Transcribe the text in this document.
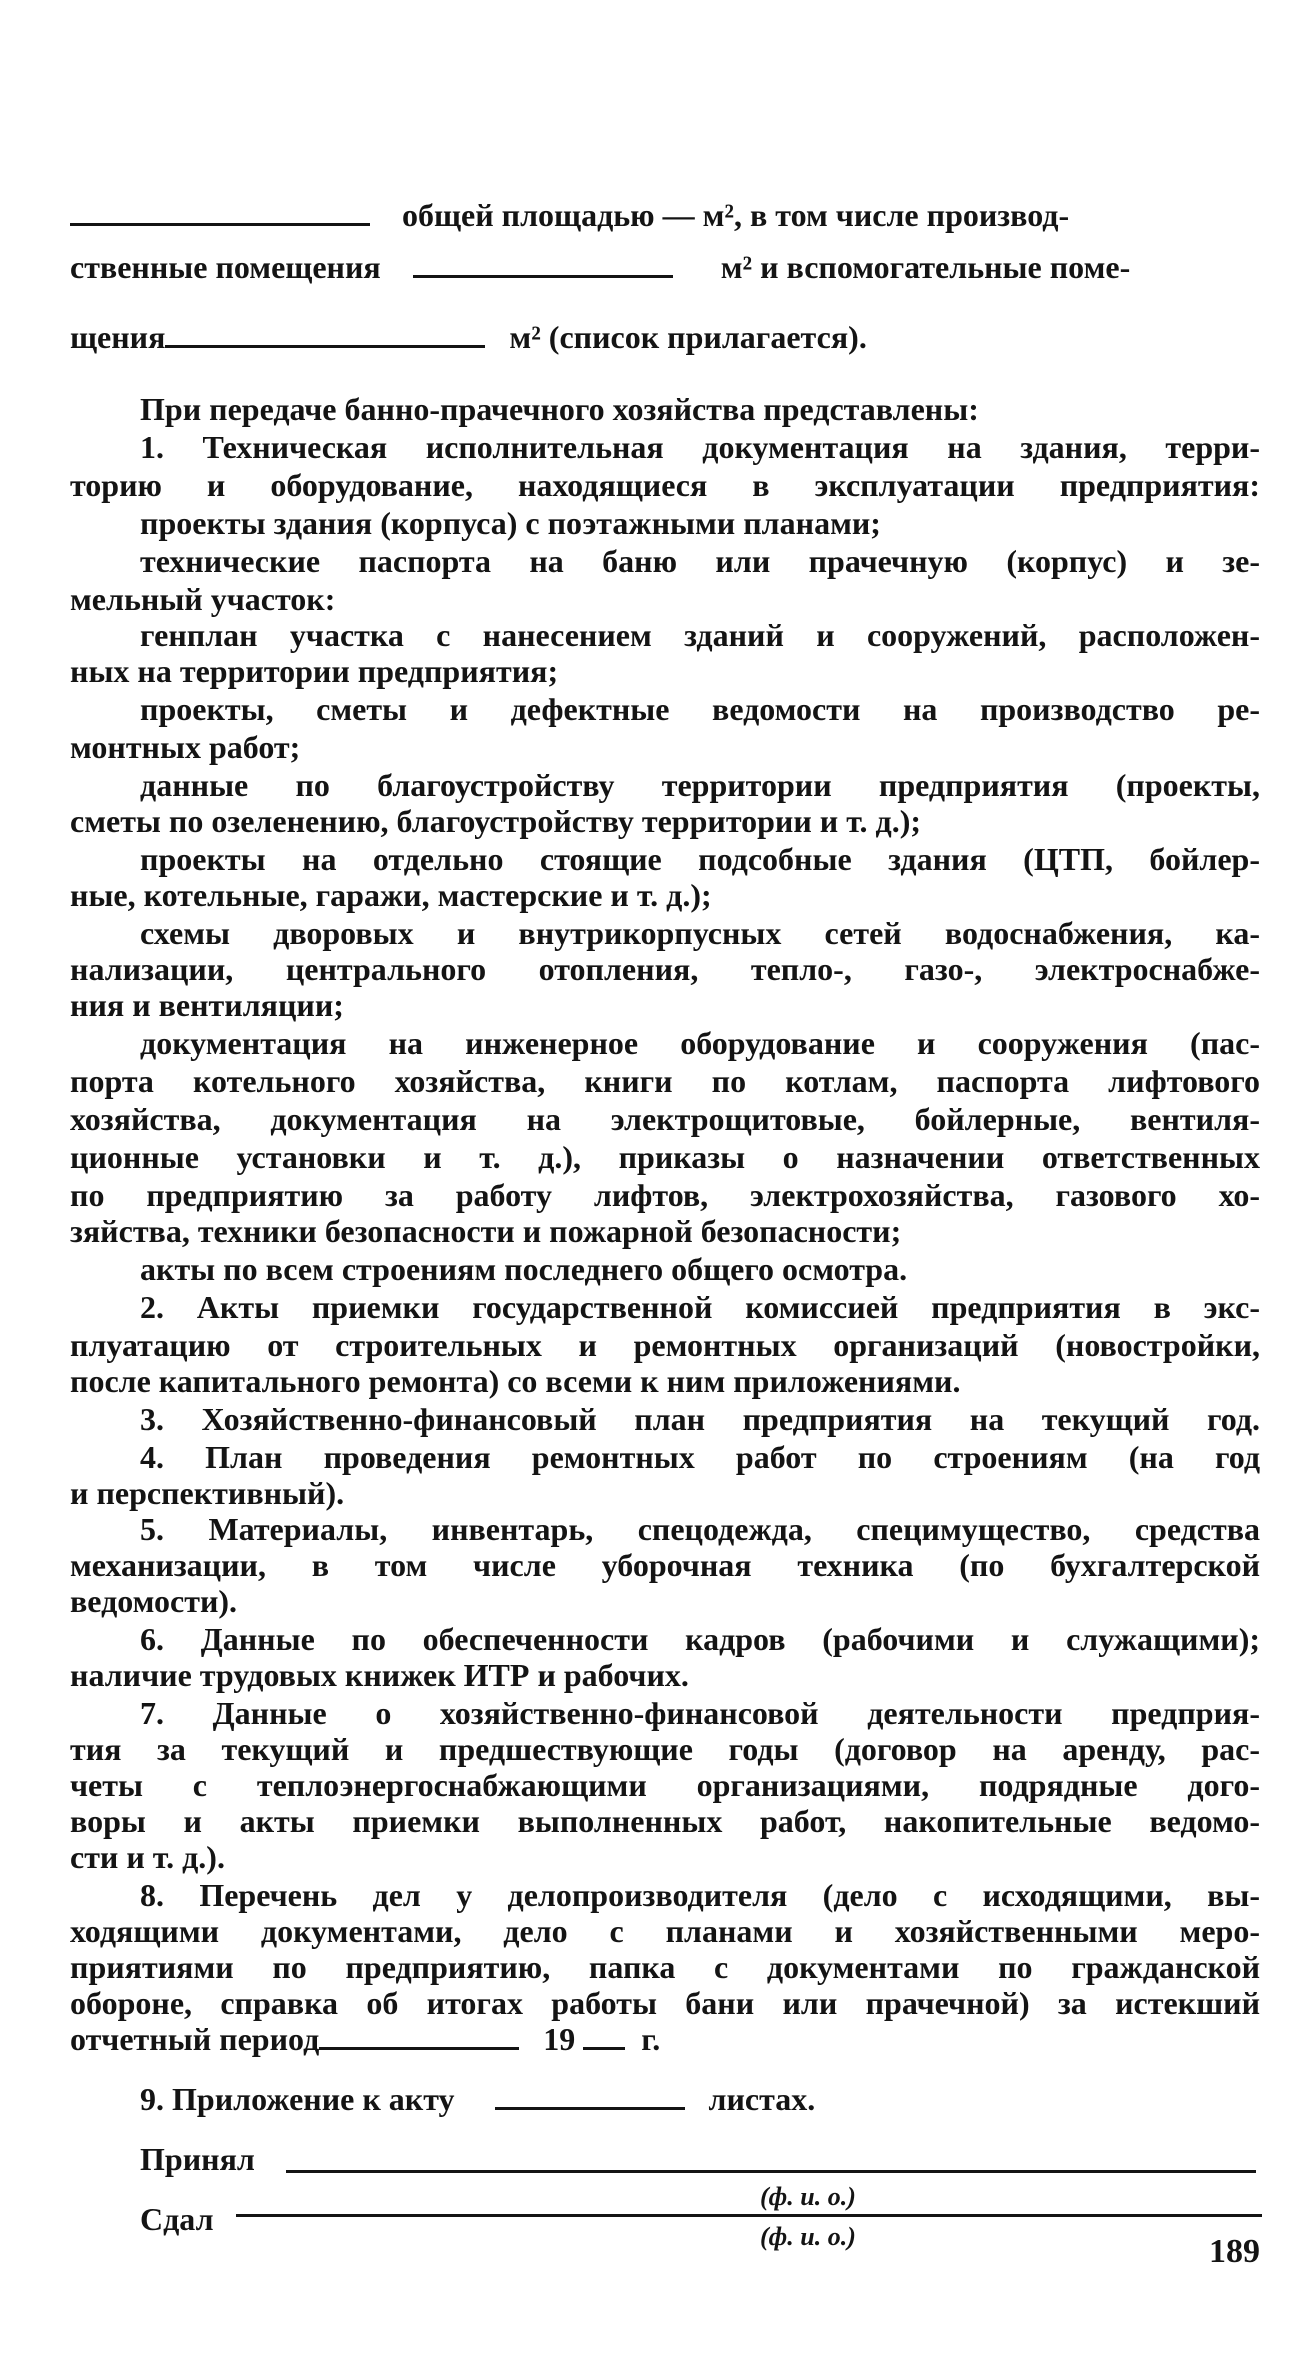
общей площадью — м², в том числе производ-
ственные помещения	м² и вспомогательные поме-
щения	м² (список прилагается).
При передаче банно-прачечного хозяйства представлены:
1. Техническая исполнительная документация на здания, терри-
торию и оборудование, находящиеся в эксплуатации предприятия:
проекты здания (корпуса) с поэтажными планами;
технические паспорта на баню или прачечную (корпус) и зе-
мельный участок:
генплан участка с нанесением зданий и сооружений, расположен-
ных на территории предприятия;
проекты, сметы и дефектные ведомости на производство ре-
монтных работ;
данные по благоустройству территории предприятия (проекты,
сметы по озеленению, благоустройству территории и т. д.);
проекты на отдельно стоящие подсобные здания (ЦТП, бойлер-
ные, котельные, гаражи, мастерские и т. д.);
схемы дворовых и внутрикорпусных сетей водоснабжения, ка-
нализации, центрального отопления, тепло-, газо-, электроснабже-
ния и вентиляции;
документация на инженерное оборудование и сооружения (пас-
порта котельного хозяйства, книги по котлам, паспорта лифтового
хозяйства, документация на электрощитовые, бойлерные, вентиля-
ционные установки и т. д.), приказы о назначении ответственных
по предприятию за работу лифтов, электрохозяйства, газового хо-
зяйства, техники безопасности и пожарной безопасности;
акты по всем строениям последнего общего осмотра.
2. Акты приемки государственной комиссией предприятия в экс-
плуатацию от строительных и ремонтных организаций (новостройки,
после капитального ремонта) со всеми к ним приложениями.
3. Хозяйственно-финансовый план предприятия на текущий год.
4. План проведения ремонтных работ по строениям (на год
и перспективный).
5. Материалы, инвентарь, спецодежда, специмущество, средства
механизации, в том числе уборочная техника (по бухгалтерской
ведомости).
6. Данные по обеспеченности кадров (рабочими и служащими);
наличие трудовых книжек ИТР и рабочих.
7. Данные о хозяйственно-финансовой деятельности предприя-
тия за текущий и предшествующие годы (договор на аренду, рас-
четы с теплоэнергоснабжающими организациями, подрядные дого-
воры и акты приемки выполненных работ, накопительные ведомо-
сти и т. д.).
8. Перечень дел у делопроизводителя (дело с исходящими, вы-
ходящими документами, дело с планами и хозяйственными меро-
приятиями по предприятию, папка с документами по гражданской
обороне, справка об итогах работы бани или прачечной) за истекший
отчетный период	19 г.
9. Приложение к акту	листах.
Принял
(ф. и. о.)
Сдал	(ф. и. о.)	189
